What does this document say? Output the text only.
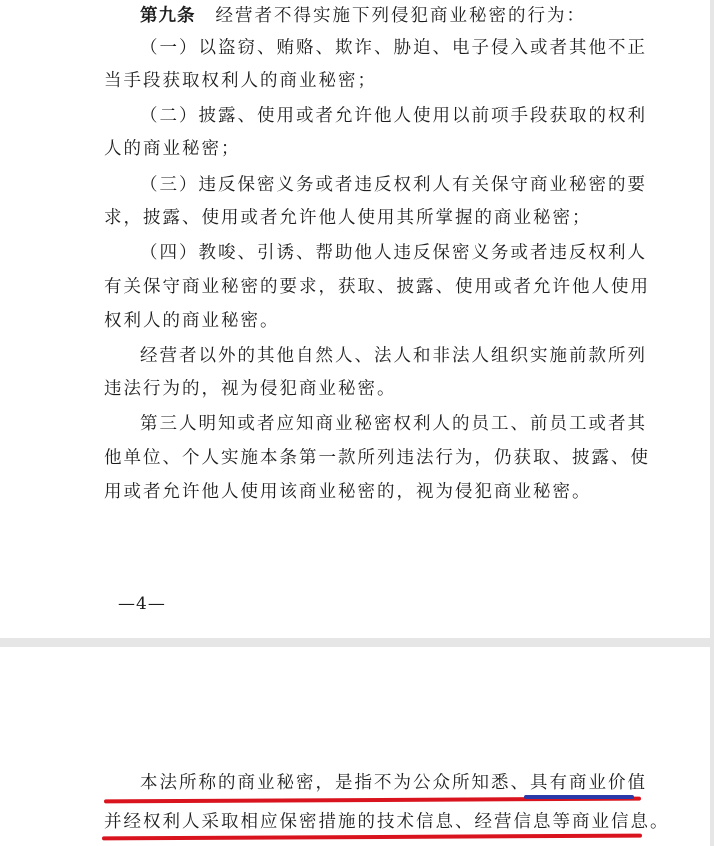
第九条 经营者不得实施下列侵犯商业秘密的行为：
（一）以盗窃、贿赂、欺诈、胁迫、电子侵入或者其他不正
当手段获取权利人的商业秘密；
（二）披露、使用或者允许他人使用以前项手段获取的权利
人的商业秘密；
（三）违反保密义务或者违反权利人有关保守商业秘密的要
求，披露、使用或者允许他人使用其所掌握的商业秘密；
（四）教唆、引诱、帮助他人违反保密义务或者违反权利人
有关保守商业秘密的要求，获取、披露、使用或者允许他人使用
权利人的商业秘密。
经营者以外的其他自然人、法人和非法人组织实施前款所列
违法行为的，视为侵犯商业秘密。
第三人明知或者应知商业秘密权利人的员工、前员工或者其
他单位、个人实施本条第一款所列违法行为，仍获取、披露、使
用或者允许他人使用该商业秘密的，视为侵犯商业秘密。
—4—
本法所称的商业秘密，是指不为公众所知悉、具有商业价值
并经权利人采取相应保密措施的技术信息、经营信息等商业信息。
